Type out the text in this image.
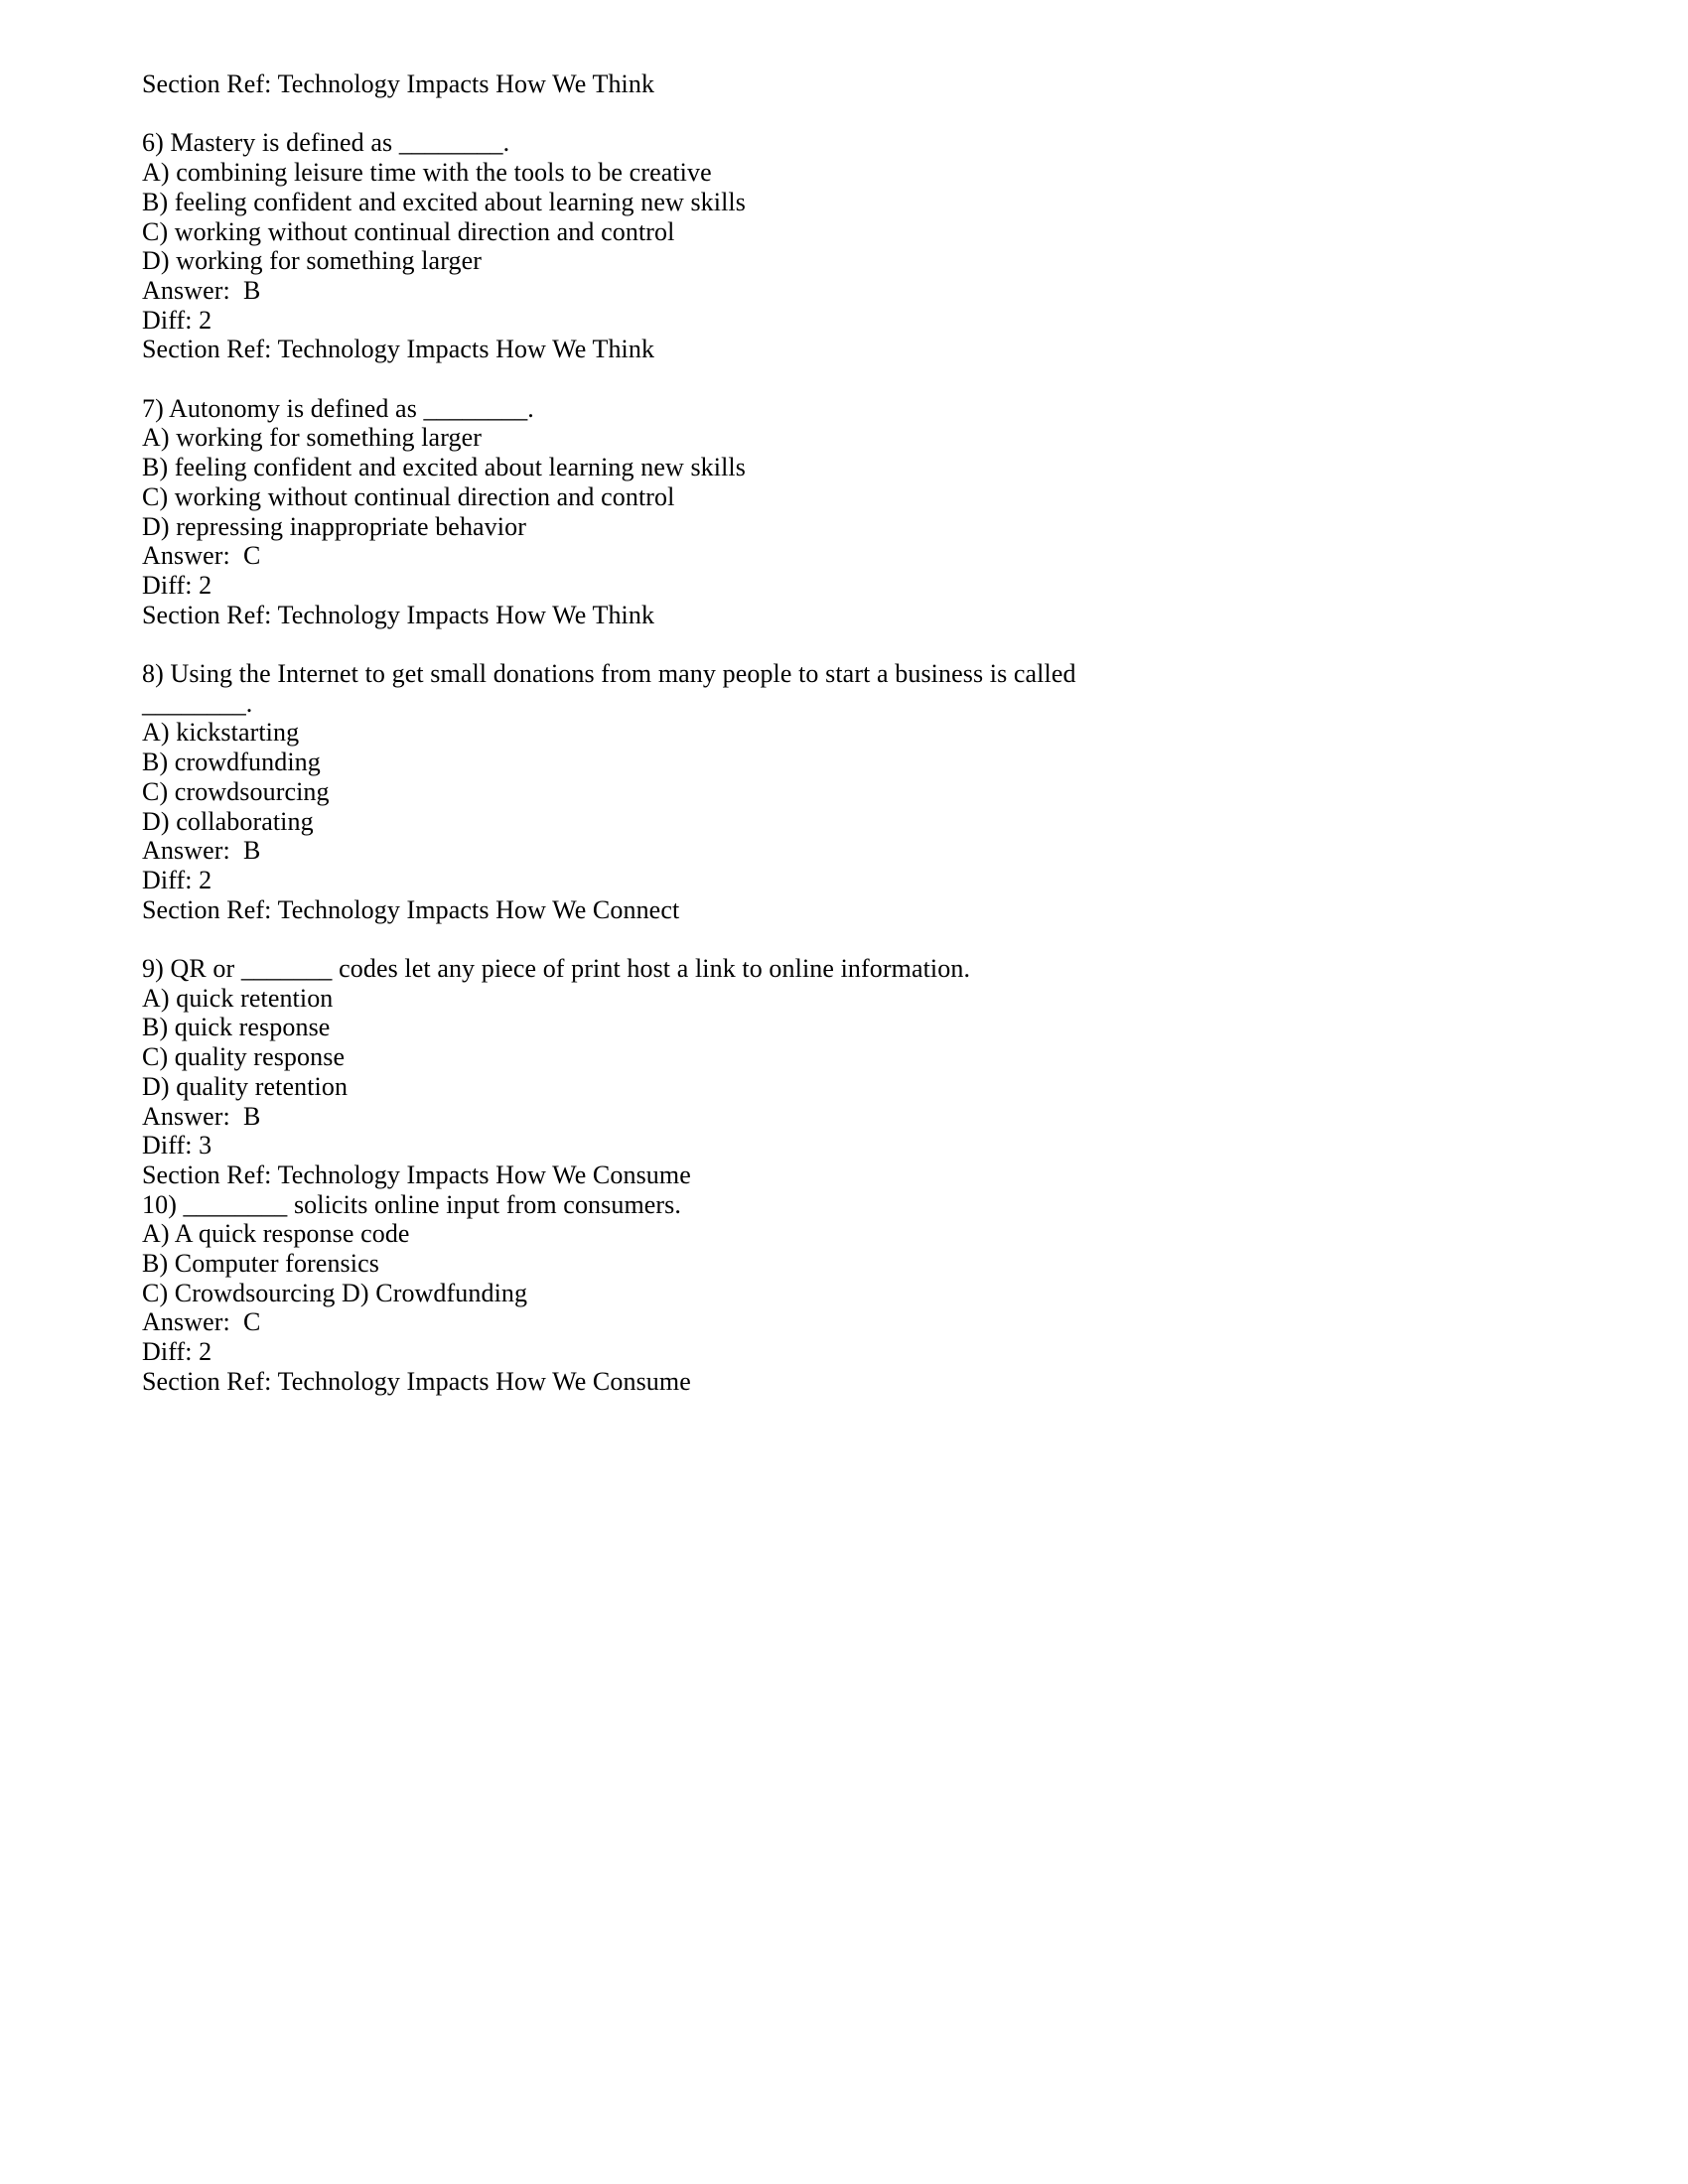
Section Ref: Technology Impacts How We Think
6) Mastery is defined as ________.
A) combining leisure time with the tools to be creative
B) feeling confident and excited about learning new skills
C) working without continual direction and control
D) working for something larger
Answer:  B
Diff: 2
Section Ref: Technology Impacts How We Think
7) Autonomy is defined as ________.
A) working for something larger
B) feeling confident and excited about learning new skills
C) working without continual direction and control
D) repressing inappropriate behavior
Answer:  C
Diff: 2
Section Ref: Technology Impacts How We Think
8) Using the Internet to get small donations from many people to start a business is called
________.
A) kickstarting
B) crowdfunding
C) crowdsourcing
D) collaborating
Answer:  B
Diff: 2
Section Ref: Technology Impacts How We Connect
9) QR or _______ codes let any piece of print host a link to online information.
A) quick retention
B) quick response
C) quality response
D) quality retention
Answer:  B
Diff: 3
Section Ref: Technology Impacts How We Consume
10) ________ solicits online input from consumers.
A) A quick response code
B) Computer forensics
C) Crowdsourcing D) Crowdfunding
Answer:  C
Diff: 2
Section Ref: Technology Impacts How We Consume
